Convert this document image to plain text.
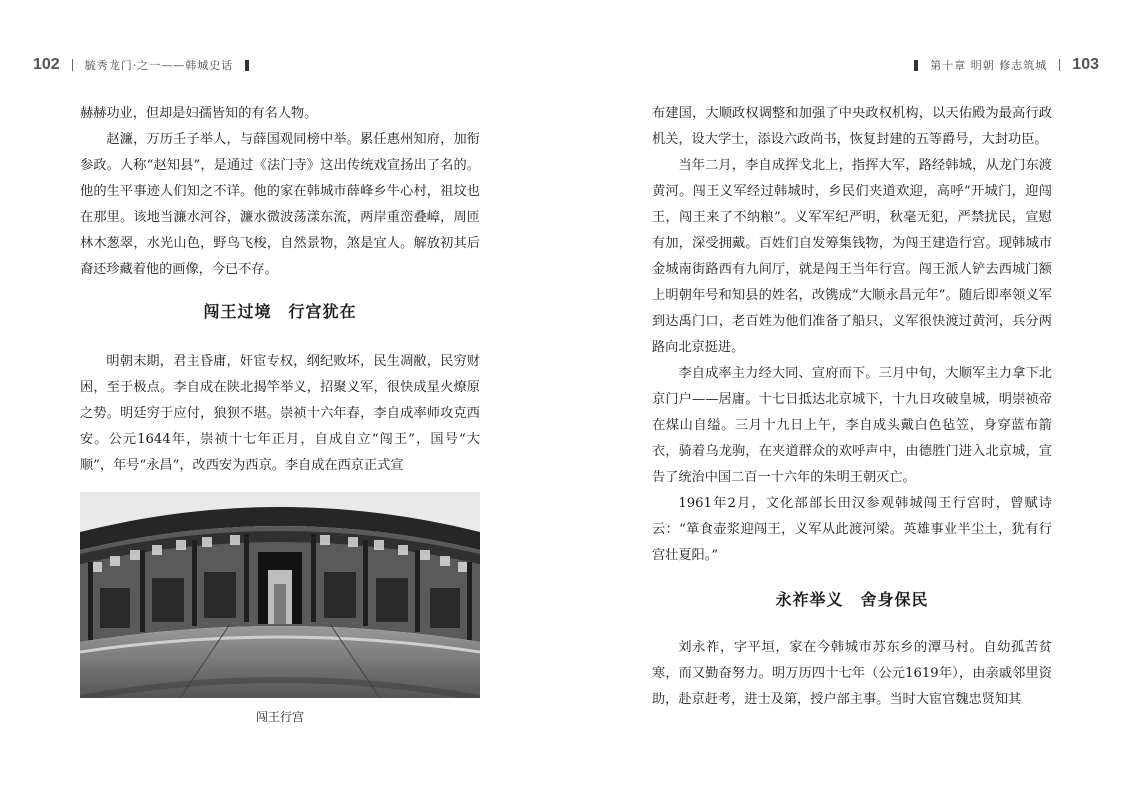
102 毓秀龙门·之一——韩城史话

赫赫功业，但却是妇孺皆知的有名人物。

赵濂，万历壬子举人，与薛国观同榜中举。累任惠州知府，加衔参政。人称“赵知县”，是通过《法门寺》这出传统戏宣扬出了名的。他的生平事迹人们知之不详。他的家在韩城市薛峰乡牛心村，祖坟也在那里。该地当濂水河谷，濂水微波荡漾东流，两岸重峦叠嶂，周匝林木葱翠，水光山色，野鸟飞梭，自然景物，煞是宜人。解放初其后裔还珍藏着他的画像，今已不存。

闯王过境　行宫犹在

明朝末期，君主昏庸，奸宦专权，纲纪败坏，民生凋敝，民穷财困，至于极点。李自成在陕北揭竿举义，招聚义军，很快成星火燎原之势。明廷穷于应付，狼狈不堪。崇祯十六年春，李自成率师攻克西安。公元1644年，崇祯十七年正月，自成自立“闯王”，国号“大顺”，年号“永昌”，改西安为西京。李自成在西京正式宣

闯王行宫
第十章 明朝 修志筑城 103

布建国，大顺政权调整和加强了中央政权机构，以天佑殿为最高行政机关，设大学士，添设六政尚书，恢复封建的五等爵号，大封功臣。

当年二月，李自成挥戈北上，指挥大军，路经韩城，从龙门东渡黄河。闯王义军经过韩城时，乡民们夹道欢迎，高呼“开城门，迎闯王，闯王来了不纳粮”。义军军纪严明，秋毫无犯，严禁扰民，宣慰有加，深受拥戴。百姓们自发筹集钱物，为闯王建造行宫。现韩城市金城南街路西有九间厅，就是闯王当年行宫。闯王派人铲去西城门额上明朝年号和知县的姓名，改镌成“大顺永昌元年”。随后即率领义军到达禹门口，老百姓为他们准备了船只，义军很快渡过黄河，兵分两路向北京挺进。

李自成率主力经大同、宣府而下。三月中旬，大顺军主力拿下北京门户——居庸。十七日抵达北京城下，十九日攻破皇城，明崇祯帝在煤山自缢。三月十九日上午，李自成头戴白色毡笠，身穿蓝布箭衣，骑着乌龙驹，在夹道群众的欢呼声中，由德胜门进入北京城，宣告了统治中国二百一十六年的朱明王朝灭亡。

1961年2月，文化部部长田汉参观韩城闯王行宫时，曾赋诗云：“箪食壶浆迎闯王，义军从此渡河梁。英雄事业半尘土，犹有行宫壮夏阳。”

永祚举义　舍身保民

刘永祚，字平垣，家在今韩城市苏东乡的潭马村。自幼孤苦贫寒，而又勤奋努力。明万历四十七年（公元1619年），由亲戚邻里资助，赴京赶考，进士及第，授户部主事。当时大宦官魏忠贤知其
